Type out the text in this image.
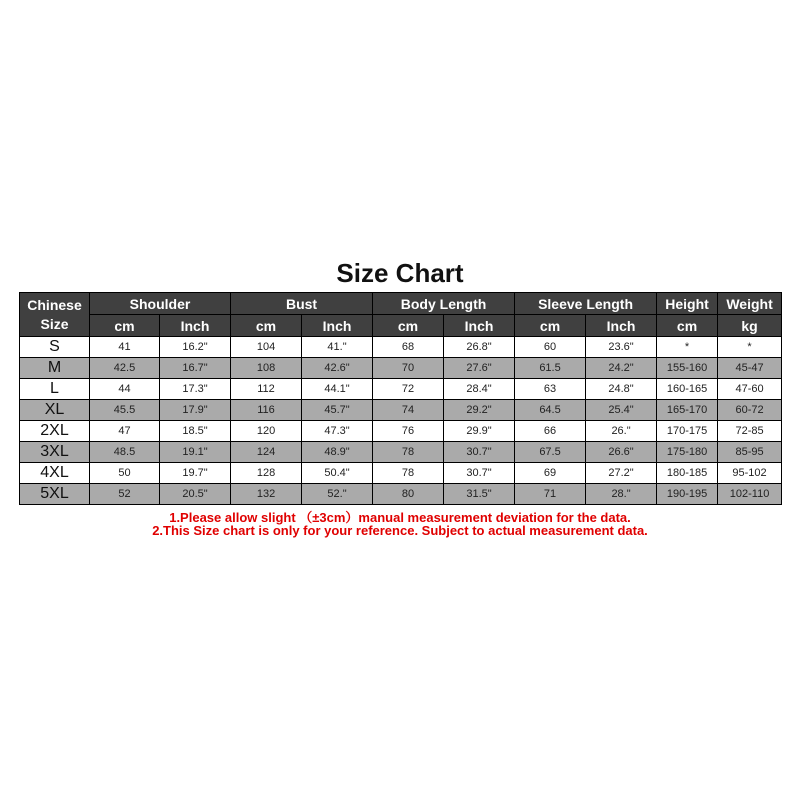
Size Chart
Chinese
Size	Shoulder		Bust		Body Length		Sleeve Length		Height	Weight
	cm	Inch	cm	Inch	cm	Inch	cm	Inch	cm	kg
S	41	16.2"	104	41."	68	26.8"	60	23.6"	*	*
M	42.5	16.7"	108	42.6"	70	27.6"	61.5	24.2"	155-160	45-47
L	44	17.3"	112	44.1"	72	28.4"	63	24.8"	160-165	47-60
XL	45.5	17.9"	116	45.7"	74	29.2"	64.5	25.4"	165-170	60-72
2XL	47	18.5"	120	47.3"	76	29.9"	66	26."	170-175	72-85
3XL	48.5	19.1"	124	48.9"	78	30.7"	67.5	26.6"	175-180	85-95
4XL	50	19.7"	128	50.4"	78	30.7"	69	27.2"	180-185	95-102
5XL	52	20.5"	132	52."	80	31.5"	71	28."	190-195	102-110
1.Please allow slight （±3cm）manual measurement deviation for the data.
2.This Size chart is only for your reference. Subject to actual measurement data.
